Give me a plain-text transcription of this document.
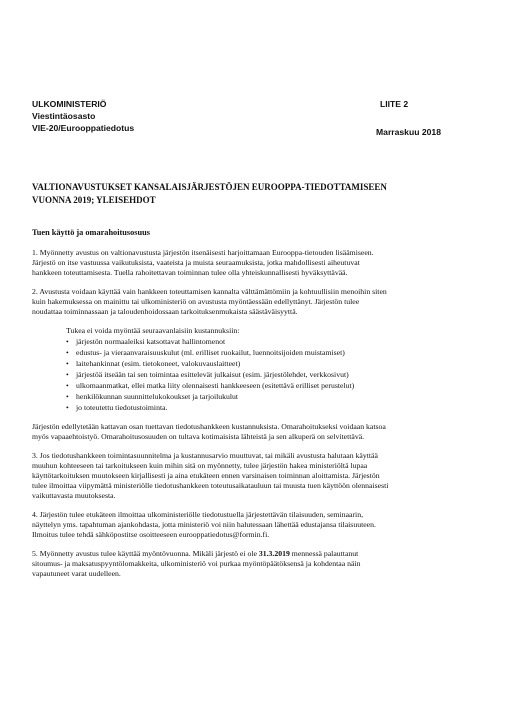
ULKOMINISTERIÖ
Viestintäosasto
VIE-20/Eurooppatiedotus
LIITE 2
Marraskuu 2018
VALTIONAVUSTUKSET KANSALAISJÄRJESTÖJEN EUROOPPA-TIEDOTTAMISEEN
VUONNA 2019; YLEISEHDOT

Tuen käyttö ja omarahoitusosuus

1. Myönnetty avustus on valtionavustusta järjestön itsenäisesti harjoittamaan Eurooppa-tietouden lisäämiseen.
Järjestö on itse vastuussa vaikutuksista, vaateista ja muista seuraamuksista, jotka mahdollisesti aiheutuvat
hankkeen toteuttamisesta. Tuella rahoitettavan toiminnan tulee olla yhteiskunnallisesti hyväksyttävää.

2. Avustusta voidaan käyttää vain hankkeen toteuttamisen kannalta välttämättömiin ja kohtuullisiin menoihin siten
kuin hakemuksessa on mainittu tai ulkoministeriö on avustusta myöntäessään edellyttänyt. Järjestön tulee
noudattaa toiminnassaan ja taloudenhoidossaan tarkoituksenmukaista säästäväisyyttä.

Tukea ei voida myöntää seuraavanlaisiin kustannuksiin:

• järjestön normaaleiksi katsottavat hallintomenot
• edustus- ja vieraanvaraisuuskulut (ml. erilliset ruokailut, luennoitsijoiden muistamiset)
• laitehankinnat (esim. tietokoneet, valokuvauslaitteet)
• järjestöä itseään tai sen toimintaa esittelevät julkaisut (esim. järjestölehdet, verkkosivut)
• ulkomaanmatkat, ellei matka liity olennaisesti hankkeeseen (esitettävä erilliset perustelut)
• henkilökunnan suunnittelukokoukset ja tarjoilukulut
• jo toteutettu tiedotustoiminta.

Järjestön edellytetään kattavan osan tuettavan tiedotushankkeen kustannuksista. Omarahoitukseksi voidaan katsoa
myös vapaaehtoistyö. Omarahoitusosuuden on tultava kotimaisista lähteistä ja sen alkuperä on selvitettävä.

3. Jos tiedotushankkeen toimintasuunnitelma ja kustannusarvio muuttuvat, tai mikäli avustusta halutaan käyttää
muuhun kohteeseen tai tarkoitukseen kuin mihin sitä on myönnetty, tulee järjestön hakea ministeriöltä lupaa
käyttötarkoituksen muutokseen kirjallisesti ja aina etukäteen ennen varsinaisen toiminnan aloittamista. Järjestön
tulee ilmoittaa viipymättä ministeriölle tiedotushankkeen toteutusaikatauluun tai muusta tuen käyttöön olennaisesti
vaikuttavasta muutoksesta.

4. Järjestön tulee etukäteen ilmoittaa ulkoministeriölle tiedotustuella järjestettävän tilaisuuden, seminaarin,
näyttelyn yms. tapahtuman ajankohdasta, jotta ministeriö voi niin halutessaan lähettää edustajansa tilaisuuteen.
Ilmoitus tulee tehdä sähköpostitse osoitteeseen eurooppatiedotus@formin.fi.

5. Myönnetty avustus tulee käyttää myöntövuonna. Mikäli järjestö ei ole 31.3.2019 mennessä palauttanut
sitoumus- ja maksatuspyyntölomakkeita, ulkoministeriö voi purkaa myöntöpäätöksensä ja kohdentaa näin
vapautuneet varat uudelleen.
